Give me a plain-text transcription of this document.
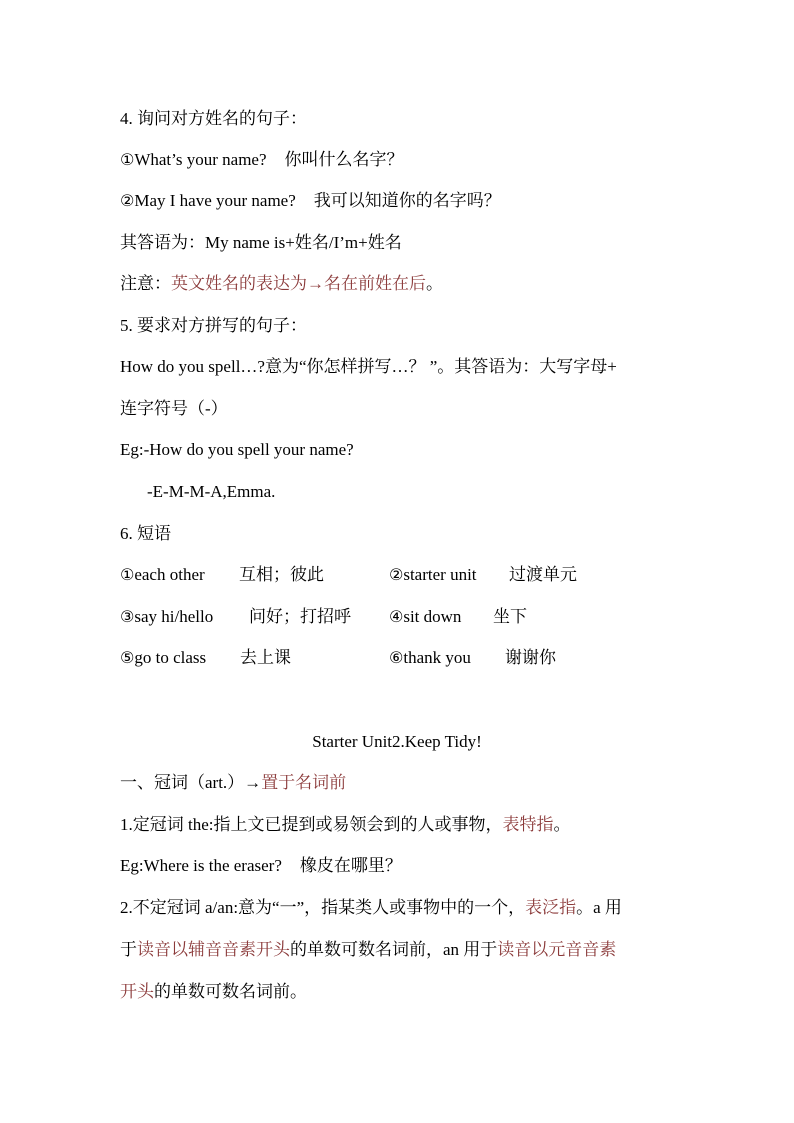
4. 询问对方姓名的句子：
①What’s your name? 你叫什么名字？
②May I have your name? 我可以知道你的名字吗？
其答语为：My name is+姓名/I’m+姓名
注意：英文姓名的表达为→名在前姓在后。
5. 要求对方拼写的句子：
How do you spell…?意为“你怎样拼写…？ ”。其答语为：大写字母+
连字符号（-）
Eg:-How do you spell your name?
-E-M-M-A,Emma.
6. 短语
①each other 互相；彼此	②starter unit 过渡单元
③say hi/hello 问好；打招呼 ④sit down 坐下
⑤go to class 去上课	⑥thank you 谢谢你
Starter Unit2.Keep Tidy!
一、冠词（art.）→置于名词前
1.定冠词 the:指上文已提到或易领会到的人或事物，表特指。
Eg:Where is the eraser? 橡皮在哪里？
2.不定冠词 a/an:意为“一”，指某类人或事物中的一个，表泛指。a 用
于读音以辅音音素开头的单数可数名词前，an 用于读音以元音音素
开头的单数可数名词前。
